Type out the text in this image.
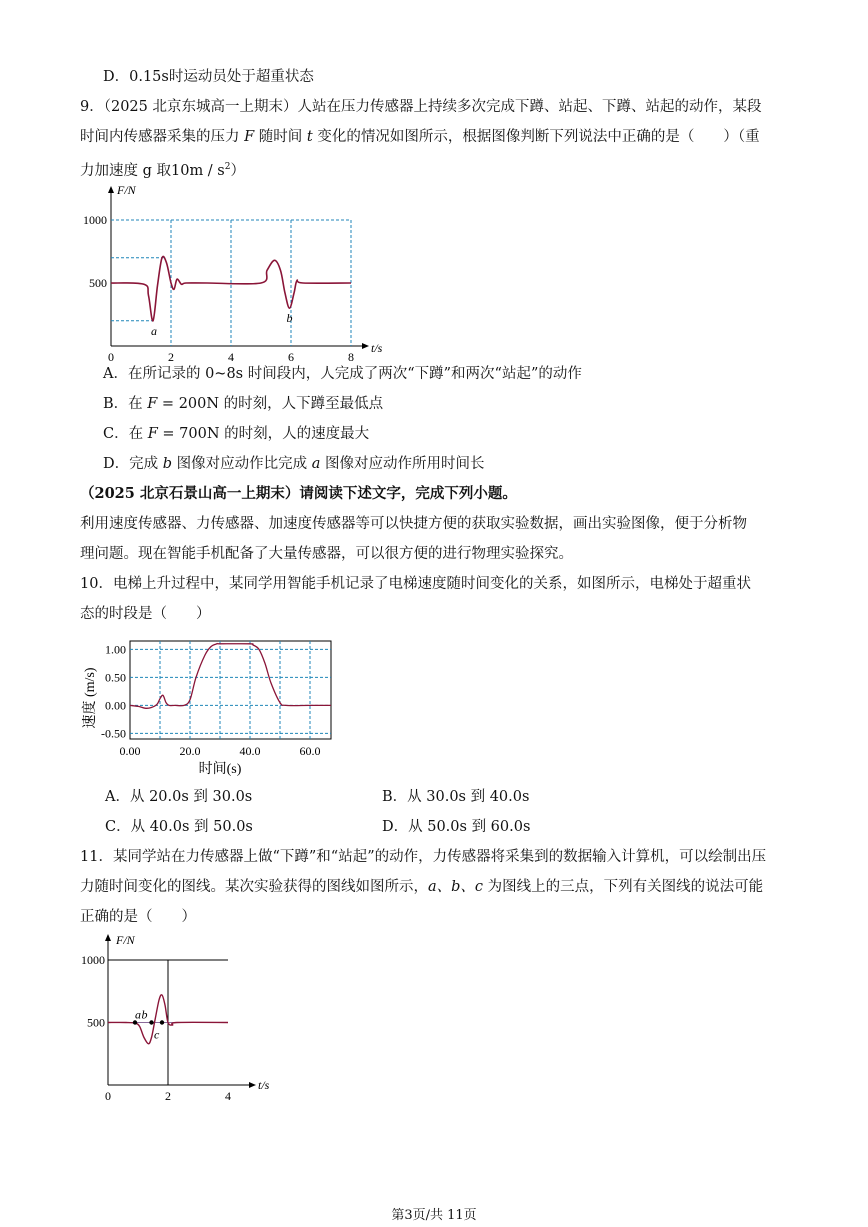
D．0.15s时运动员处于超重状态
9．（2025 北京东城高一上期末）人站在压力传感器上持续多次完成下蹲、站起、下蹲、站起的动作，某段
时间内传感器采集的压力 F 随时间 t 变化的情况如图所示，根据图像判断下列说法中正确的是（　　）（重
力加速度 g 取$10m / s^2$）
0	2	4	6	8
500
1000
F/N
t/s
a
b
A．在所记录的 0~8s 时间段内，人完成了两次“下蹲”和两次“站起”的动作
B．在 F = 200N 的时刻，人下蹲至最低点
C．在 F = 700N 的时刻，人的速度最大
D．完成 b 图像对应动作比完成 a 图像对应动作所用时间长
（2025 北京石景山高一上期末）请阅读下述文字，完成下列小题。
利用速度传感器、力传感器、加速度传感器等可以快捷方便的获取实验数据，画出实验图像，便于分析物
理问题。现在智能手机配备了大量传感器，可以很方便的进行物理实验探究。
10．电梯上升过程中，某同学用智能手机记录了电梯速度随时间变化的关系，如图所示，电梯处于超重状
态的时段是（　　）
1.00
0.50
0.00
-0.50
0.00	20.0	40.0	60.0
时间(s)
速度 (m/s)
A．从 20.0s 到 30.0s	B．从 30.0s 到 40.0s
C．从 40.0s 到 50.0s	D．从 50.0s 到 60.0s
11．某同学站在力传感器上做“下蹲”和“站起”的动作，力传感器将采集到的数据输入计算机，可以绘制出压
力随时间变化的图线。某次实验获得的图线如图所示，a、b、c 为图线上的三点，下列有关图线的说法可能
正确的是（　　）
0	2	4
500
1000
F/N
t/s
a b
c
第3页/共 11页
